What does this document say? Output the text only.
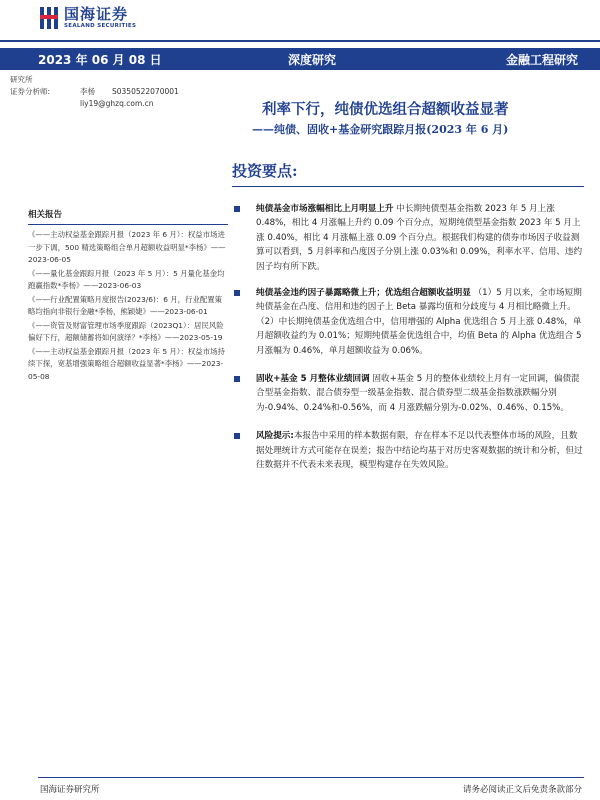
国海证券
SEALAND SECURITIES
2023 年 06 月 08 日	深度研究	金融工程研究
研究所
证券分析师:	李杨	S0350522070001
liy19@ghzq.com.cn	利率下行，纯债优选组合超额收益显著
——纯债、固收+基金研究跟踪月报(2023 年 6 月)
投资要点:
相关报告
《——主动权益基金跟踪月报（2023 年 6 月）：权益市场进一步下调，500 精选策略组合单月超额收益明显*李杨》——2023-06-05
《——量化基金跟踪月报（2023 年 5 月）：5 月量化基金均跑赢指数*李杨》——2023-06-03
《——行业配置策略月度报告(2023/6)：6 月，行业配置策略均指向非银行金融*李杨，熊颖婕》——2023-06-01
《——资管及财富管理市场季度跟踪（2023Q1）：居民风险偏好下行，超额储蓄将如何演绎？*李杨》——2023-05-19
《——主动权益基金跟踪月报（2023 年 5 月）：权益市场持续下探，宽基增强策略组合超额收益显著*李杨》——2023-05-08
纯债基金市场涨幅相比上月明显上升 中长期纯债型基金指数 2023 年 5 月上涨 0.48%，相比 4 月涨幅上升约 0.09 个百分点，短期纯债型基金指数 2023 年 5 月上涨 0.40%，相比 4 月涨幅上涨 0.09 个百分点。根据我们构建的债券市场因子收益测算可以看到，5 月斜率和凸度因子分别上涨 0.03%和 0.09%，利率水平、信用、违约因子均有所下跌。
纯债基金违约因子暴露略微上升；优选组合超额收益明显 （1）5 月以来，全市场短期纯债基金在凸度、信用和违约因子上 Beta 暴露均值和分歧度与 4 月相比略微上升。（2）中长期纯债基金优选组合中，信用增强的 Alpha 优选组合 5 月上涨 0.48%，单月超额收益约为 0.01%；短期纯债基金优选组合中，均值 Beta 的 Alpha 优选组合 5 月涨幅为 0.46%，单月超额收益为 0.06%。
固收+基金 5 月整体业绩回调 固收+基金 5 月的整体业绩较上月有一定回调，偏债混合型基金指数、混合债券型一级基金指数、混合债券型二级基金指数涨跌幅分别为-0.94%、0.24%和-0.56%，而 4 月涨跌幅分别为-0.02%、0.46%、0.15%。
风险提示:本报告中采用的样本数据有限，存在样本不足以代表整体市场的风险，且数据处理统计方式可能存在误差；报告中结论均基于对历史客观数据的统计和分析，但过往数据并不代表未来表现，模型构建存在失效风险。
国海证券研究所	请务必阅读正文后免责条款部分
